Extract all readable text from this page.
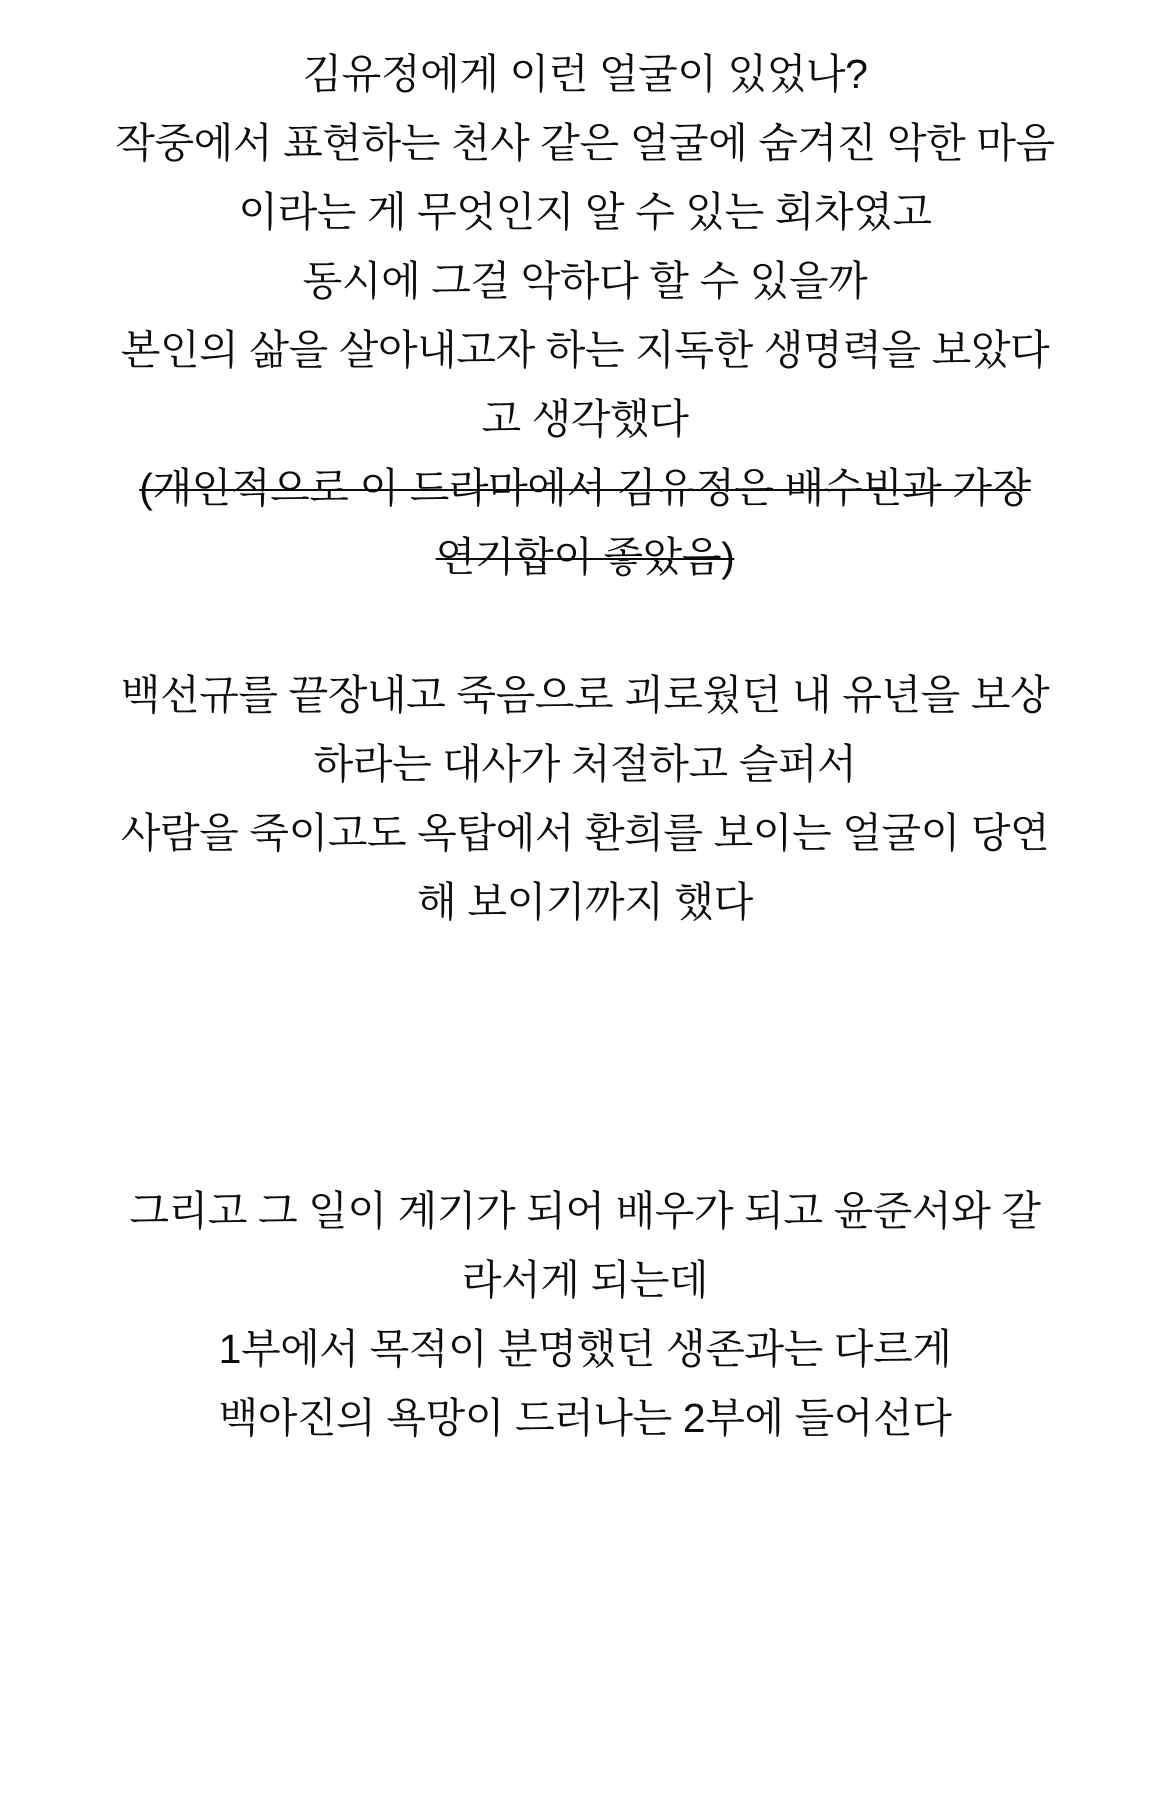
김유정에게 이런 얼굴이 있었나?
작중에서 표현하는 천사 같은 얼굴에 숨겨진 악한 마음
이라는 게 무엇인지 알 수 있는 회차였고
동시에 그걸 악하다 할 수 있을까
본인의 삶을 살아내고자 하는 지독한 생명력을 보았다
고 생각했다
(개인적으로 이 드라마에서 김유정은 배수빈과 가장
연기합이 좋았음)
백선규를 끝장내고 죽음으로 괴로웠던 내 유년을 보상
하라는 대사가 처절하고 슬퍼서
사람을 죽이고도 옥탑에서 환희를 보이는 얼굴이 당연
해 보이기까지 했다
그리고 그 일이 계기가 되어 배우가 되고 윤준서와 갈
라서게 되는데
1부에서 목적이 분명했던 생존과는 다르게
백아진의 욕망이 드러나는 2부에 들어선다
